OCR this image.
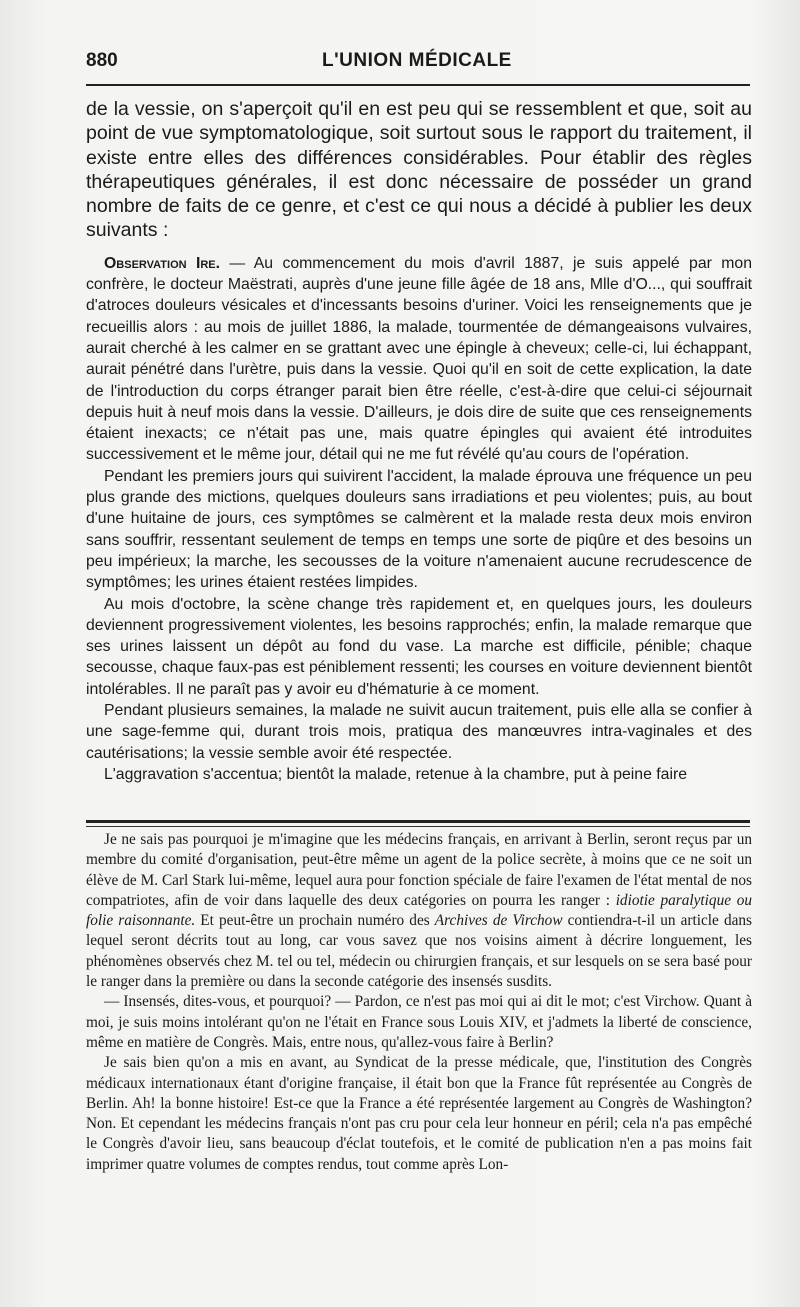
880	L'UNION MÉDICALE

de la vessie, on s'aperçoit qu'il en est peu qui se ressemblent et que, soit au point de vue symptomatologique, soit surtout sous le rapport du traitement, il existe entre elles des différences considérables. Pour établir des règles thérapeutiques générales, il est donc nécessaire de posséder un grand nombre de faits de ce genre, et c'est ce qui nous a décidé à publier les deux suivants :

Observation Ire. — Au commencement du mois d'avril 1887, je suis appelé par mon confrère, le docteur Maëstrati, auprès d'une jeune fille âgée de 18 ans, Mlle d'O..., qui souffrait d'atroces douleurs vésicales et d'incessants besoins d'uriner. Voici les renseignements que je recueillis alors : au mois de juillet 1886, la malade, tourmentée de démangeaisons vulvaires, aurait cherché à les calmer en se grattant avec une épingle à cheveux; celle-ci, lui échappant, aurait pénétré dans l'urètre, puis dans la vessie. Quoi qu'il en soit de cette explication, la date de l'introduction du corps étranger parait bien être réelle, c'est-à-dire que celui-ci séjournait depuis huit à neuf mois dans la vessie. D'ailleurs, je dois dire de suite que ces renseignements étaient inexacts; ce n'était pas une, mais quatre épingles qui avaient été introduites successivement et le même jour, détail qui ne me fut révélé qu'au cours de l'opération.

Pendant les premiers jours qui suivirent l'accident, la malade éprouva une fréquence un peu plus grande des mictions, quelques douleurs sans irradiations et peu violentes; puis, au bout d'une huitaine de jours, ces symptômes se calmèrent et la malade resta deux mois environ sans souffrir, ressentant seulement de temps en temps une sorte de piqûre et des besoins un peu impérieux; la marche, les secousses de la voiture n'amenaient aucune recrudescence de symptômes; les urines étaient restées limpides.

Au mois d'octobre, la scène change très rapidement et, en quelques jours, les douleurs deviennent progressivement violentes, les besoins rapprochés; enfin, la malade remarque que ses urines laissent un dépôt au fond du vase. La marche est difficile, pénible; chaque secousse, chaque faux-pas est péniblement ressenti; les courses en voiture deviennent bientôt intolérables. Il ne paraît pas y avoir eu d'hématurie à ce moment.

Pendant plusieurs semaines, la malade ne suivit aucun traitement, puis elle alla se confier à une sage-femme qui, durant trois mois, pratiqua des manœuvres intra-vaginales et des cautérisations; la vessie semble avoir été respectée.

L'aggravation s'accentua; bientôt la malade, retenue à la chambre, put à peine faire

Je ne sais pas pourquoi je m'imagine que les médecins français, en arrivant à Berlin, seront reçus par un membre du comité d'organisation, peut-être même un agent de la police secrète, à moins que ce ne soit un élève de M. Carl Stark lui-même, lequel aura pour fonction spéciale de faire l'examen de l'état mental de nos compatriotes, afin de voir dans laquelle des deux catégories on pourra les ranger : idiotie paralytique ou folie raisonnante. Et peut-être un prochain numéro des Archives de Virchow contiendra-t-il un article dans lequel seront décrits tout au long, car vous savez que nos voisins aiment à décrire longuement, les phénomènes observés chez M. tel ou tel, médecin ou chirurgien français, et sur lesquels on se sera basé pour le ranger dans la première ou dans la seconde catégorie des insensés susdits.

— Insensés, dites-vous, et pourquoi? — Pardon, ce n'est pas moi qui ai dit le mot; c'est Virchow. Quant à moi, je suis moins intolérant qu'on ne l'était en France sous Louis XIV, et j'admets la liberté de conscience, même en matière de Congrès. Mais, entre nous, qu'allez-vous faire à Berlin?

Je sais bien qu'on a mis en avant, au Syndicat de la presse médicale, que, l'institution des Congrès médicaux internationaux étant d'origine française, il était bon que la France fût représentée au Congrès de Berlin. Ah! la bonne histoire! Est-ce que la France a été représentée largement au Congrès de Washington? Non. Et cependant les médecins français n'ont pas cru pour cela leur honneur en péril; cela n'a pas empêché le Congrès d'avoir lieu, sans beaucoup d'éclat toutefois, et le comité de publication n'en a pas moins fait imprimer quatre volumes de comptes rendus, tout comme après Lon-
